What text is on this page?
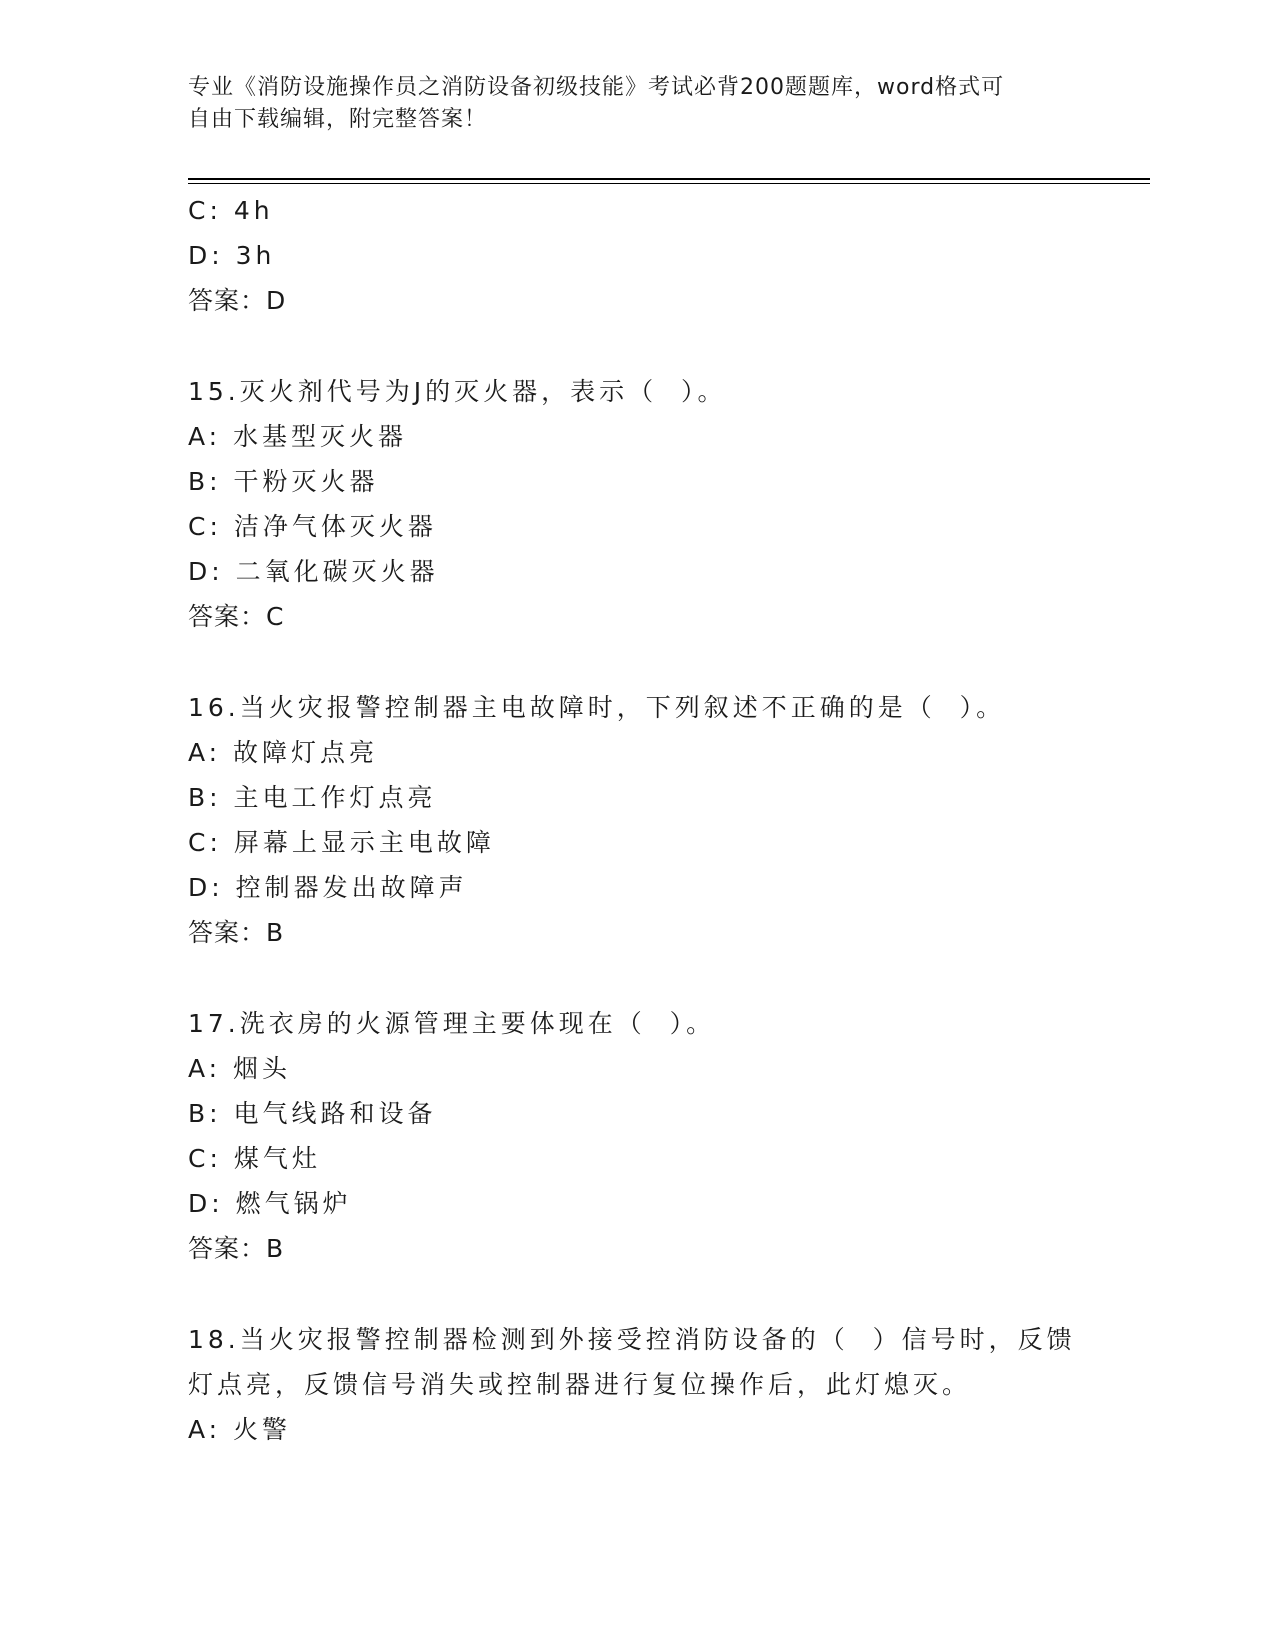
专业《消防设施操作员之消防设备初级技能》考试必背200题题库，word格式可
自由下载编辑，附完整答案！
C: 4h
D: 3h
答案：D
15.灭火剂代号为J的灭火器，表示（  ）。
A: 水基型灭火器
B: 干粉灭火器
C: 洁净气体灭火器
D: 二氧化碳灭火器
答案：C
16.当火灾报警控制器主电故障时，下列叙述不正确的是（  ）。
A: 故障灯点亮
B: 主电工作灯点亮
C: 屏幕上显示主电故障
D: 控制器发出故障声
答案：B
17.洗衣房的火源管理主要体现在（  ）。
A: 烟头
B: 电气线路和设备
C: 煤气灶
D: 燃气锅炉
答案：B
18.当火灾报警控制器检测到外接受控消防设备的（  ）信号时，反馈
灯点亮，反馈信号消失或控制器进行复位操作后，此灯熄灭。
A: 火警
